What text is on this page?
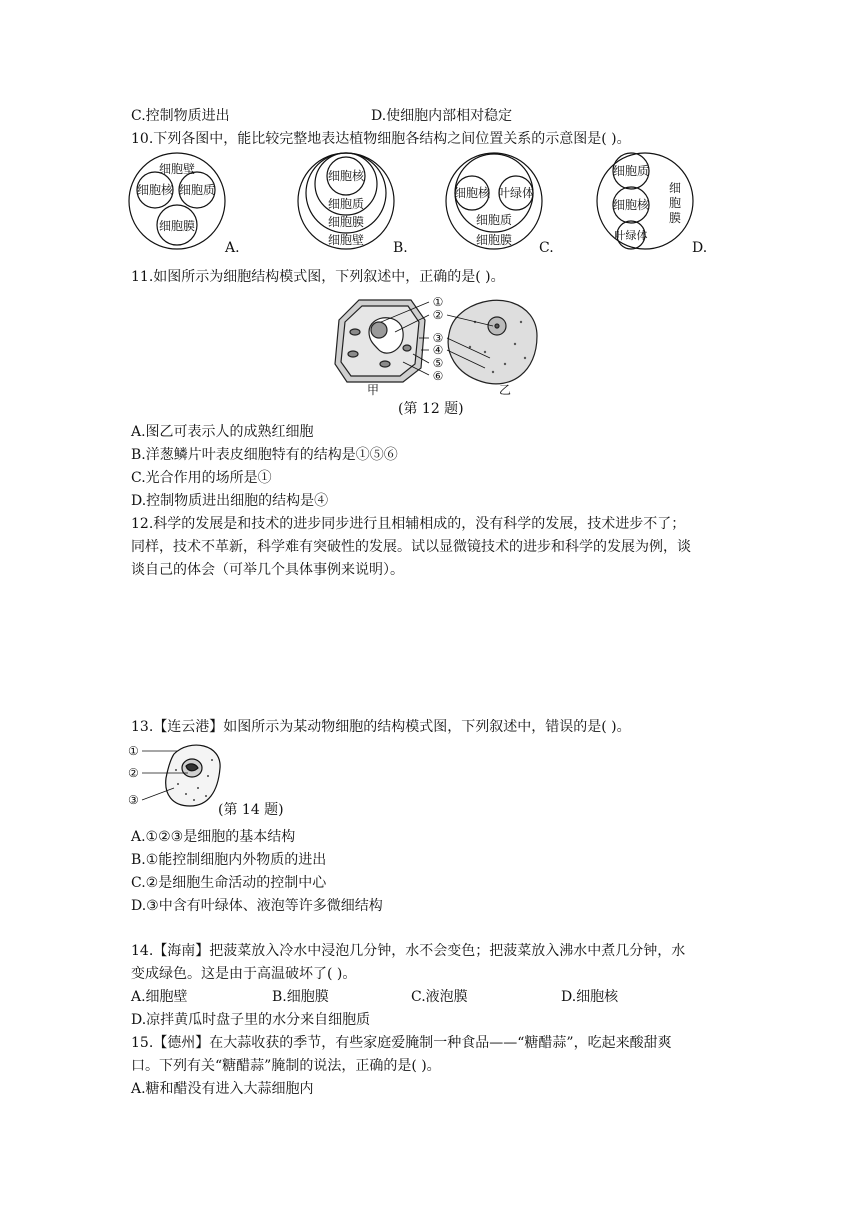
C.控制物质进出	D.使细胞内部相对稳定
10.下列各图中，能比较完整地表达植物细胞各结构之间位置关系的示意图是( )。
细胞壁
细胞核 细胞质
细胞膜
细胞核
细胞质
细胞膜
细胞壁
细胞核 叶绿体
细胞质
细胞膜
细胞质
细胞核
叶绿体
细
胞
膜
A.	B.	C.	D.
11.如图所示为细胞结构模式图，下列叙述中，正确的是( )。
①
②
③
④
⑤
⑥
甲	乙
(第 12 题)
A.图乙可表示人的成熟红细胞
B.洋葱鳞片叶表皮细胞特有的结构是①⑤⑥
C.光合作用的场所是①
D.控制物质进出细胞的结构是④
12.科学的发展是和技术的进步同步进行且相辅相成的，没有科学的发展，技术进步不了；
同样，技术不革新，科学难有突破性的发展。试以显微镜技术的进步和科学的发展为例，谈
谈自己的体会（可举几个具体事例来说明）。
13.【连云港】如图所示为某动物细胞的结构模式图，下列叙述中，错误的是( )。
①
②
③
(第 14 题)
A.①②③是细胞的基本结构
B.①能控制细胞内外物质的进出
C.②是细胞生命活动的控制中心
D.③中含有叶绿体、液泡等许多微细结构
14.【海南】把菠菜放入冷水中浸泡几分钟，水不会变色；把菠菜放入沸水中煮几分钟，水
变成绿色。这是由于高温破坏了( )。
A.细胞壁	B.细胞膜	C.液泡膜	D.细胞核
D.凉拌黄瓜时盘子里的水分来自细胞质
15.【德州】在大蒜收获的季节，有些家庭爱腌制一种食品——“糖醋蒜”，吃起来酸甜爽
口。下列有关“糖醋蒜”腌制的说法，正确的是( )。
A.糖和醋没有进入大蒜细胞内
